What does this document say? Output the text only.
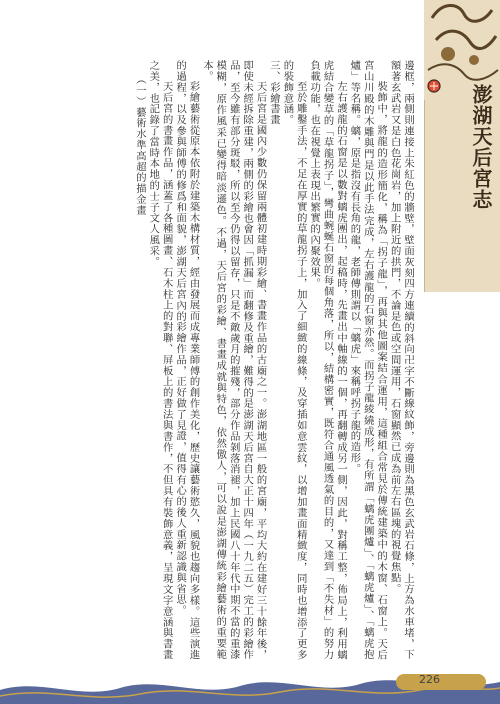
澎湖天后宮志

邊框，兩側則連接上朱紅色的牆壁，壁面灰刻四方連續的斜向卍字不斷線紋飾，旁邊則為黑色玄武岩石條，上方為水車堵，下額著玄武岩又是白色花崗岩，加上附近的拱門，不論是色或空間運用，石窗顯然已成為前左右區塊的視覺焦點。

裝飾中，將龍的造形簡化，稱為「拐子龍」，再與其他圖案結合運用，這種組合常見於傳統建築中的木窗、石窗上。天后宮山川殿的木雕與門是以此手法完成，左右護龍的石窗亦然。而拐子龍綾繞成形，有所謂「螭虎團爐」、「螭虎爐」、「螭虎抱爐」等名稱。螭，原是指沒有長角的龍，老師傳則謂以「螭虎」來稱呼拐子龍的造形。

左右護龍的石窗是以數對螭虎團出，起稿時，先畫出中軸線的一個，再翻轉成另一側，因此，對稱工整，佈局上，利用螭虎結合變草的「草龍拐子」，彎曲蜿蜒石窗的每個角落，所以，結構密實，既符合通風透氣的目的，又達到「不失材」的努力負載功能，也在視覺上表現出繁實的內聚效果。

至於雕鑿手法，不足在厚實的草龍拐子上，加入了細緻的線條，及穿插如意雲紋，以增加畫面精緻度，同時也增添了更多的裝飾意涵。

三、彩繪書畫

天后宮是國內少數仍保留兩體初建時期彩繪、書畫作品的古廟之一。澎湖地區一般的宮廟，平均大約在建好三十餘年後，即使未經拆除重建，兩側的彩繪也會因「抓漏」而翻修及重繪，難得的是澎湖天后宮自大正十四年（一九二五）完工的彩繪作品，至今雖有部分斑駁，所以至今仍得以留存，只是不敵歲月的摧殘，部分作品剝落消褪，加上民國八十年代中期不當的重漆模糊，原作風采已變得暗淡遜色。不過，天后宮的彩繪、書畫成就與特色，依然傲人，可以說是澎湖傳統彩繪藝術的重要範本。

彩繪藝術從原本依附於建築木構材質，經由發展而成專業師傅的創作美化，歷史讓藝術慾久，風貌也趨向多樣。這些演進的過程，以及參與師傅的修爲和面貌，澎湖天后宮內的彩繪作品，正好做了見證，值得有心的後人重新認識與省思。

天后宮的書畫作品，涵蓋了各種圖畫、石木柱上的對聯、屏板上的書法與書作，不但具有裝飾意義，呈現文字意涵與書畫之美，也記錄了當時本地的士子文人風采。

（一）藝術水準高超的描金畫

226
